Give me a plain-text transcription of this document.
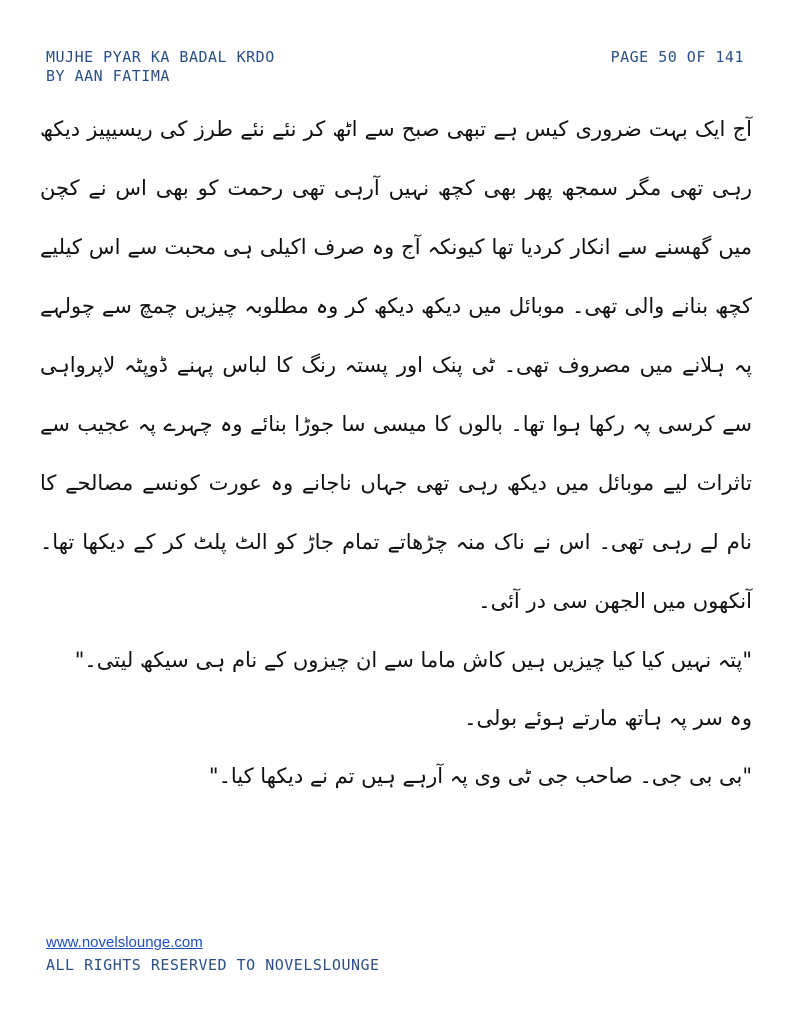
MUJHE PYAR KA BADAL KRDO
BY AAN FATIMA
PAGE 50 OF 141

آج ایک بہت ضروری کیس ہے تبھی صبح سے اٹھ کر نئے نئے طرز کی ریسیپیز دیکھ رہی تھی مگر سمجھ پھر بھی کچھ نہیں آرہی تھی رحمت کو بھی اس نے کچن میں گھسنے سے انکار کردیا تھا کیونکہ آج وہ صرف اکیلی ہی محبت سے اس کیلیے کچھ بنانے والی تھی۔ موبائل میں دیکھ دیکھ کر وہ مطلوبہ چیزیں چمچ سے چولہے پہ ہلانے میں مصروف تھی۔ ٹی پنک اور پستہ رنگ کا لباس پہنے ڈوپٹہ لاپرواہی سے کرسی پہ رکھا ہوا تھا۔ بالوں کا میسی سا جوڑا بنائے وہ چہرے پہ عجیب سے تاثرات لیے موبائل میں دیکھ رہی تھی جہاں ناجانے وہ عورت کونسے مصالحے کا نام لے رہی تھی۔ اس نے ناک منہ چڑھاتے تمام جاڑ کو الٹ پلٹ کر کے دیکھا تھا۔ آنکھوں میں الجھن سی در آئی۔

"پتہ نہیں کیا کیا چیزیں ہیں کاش ماما سے ان چیزوں کے نام ہی سیکھ لیتی۔"

وہ سر پہ ہاتھ مارتے ہوئے بولی۔

"بی بی جی۔ صاحب جی ٹی وی پہ آرہے ہیں تم نے دیکھا کیا۔"

www.novelslounge.com
ALL RIGHTS RESERVED TO NOVELSLOUNGE
